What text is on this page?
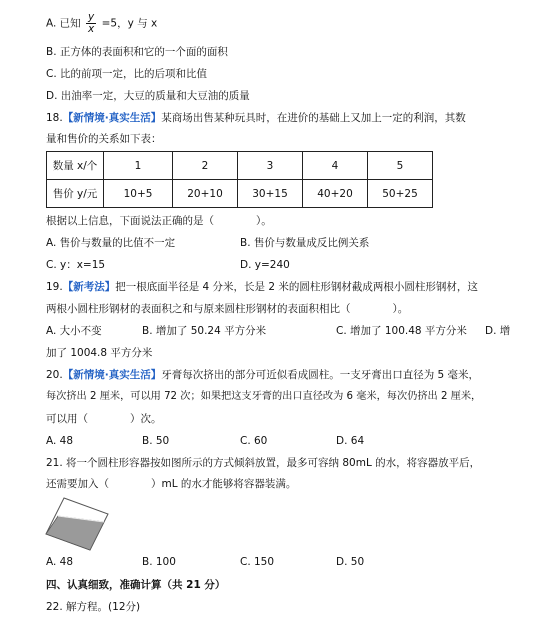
A. 已知 $\frac{y}{x} =5$，y 与 x
B. 正方体的表面积和它的一个面的面积
C. 比的前项一定，比的后项和比值
D. 出油率一定，大豆的质量和大豆油的质量
18.【新情境·真实生活】某商场出售某种玩具时，在进价的基础上又加上一定的利润，其数
量和售价的关系如下表：
数量 x/个	1	2	3	4	5
售价 y/元	10+5	20+10	30+15	40+20	50+25
根据以上信息，下面说法正确的是（　　　　）。
A. 售价与数量的比值不一定	B. 售价与数量成反比例关系
C. y：x=15	D. y=240
19.【新考法】把一根底面半径是 4 分米，长是 2 米的圆柱形钢材截成两根小圆柱形钢材，这
两根小圆柱形钢材的表面积之和与原来圆柱形钢材的表面积相比（　　　　）。
A. 大小不变	B. 增加了 50.24 平方分米	C. 增加了 100.48 平方分米 D. 增
加了 1004.8 平方分米
20.【新情境·真实生活】牙膏每次挤出的部分可近似看成圆柱。一支牙膏出口直径为 5 毫米，
每次挤出 2 厘米，可以用 72 次；如果把这支牙膏的出口直径改为 6 毫米，每次仍挤出 2 厘米，
可以用（　　　　）次。
A. 48	B. 50	C. 60	D. 64
21. 将一个圆柱形容器按如图所示的方式倾斜放置，最多可容纳 80mL 的水，将容器放平后，
还需要加入（　　　　）mL 的水才能够将容器装满。
A. 48	B. 100	C. 150	D. 50
四、认真细致，准确计算（共 21 分）
22. 解方程。(12分)
